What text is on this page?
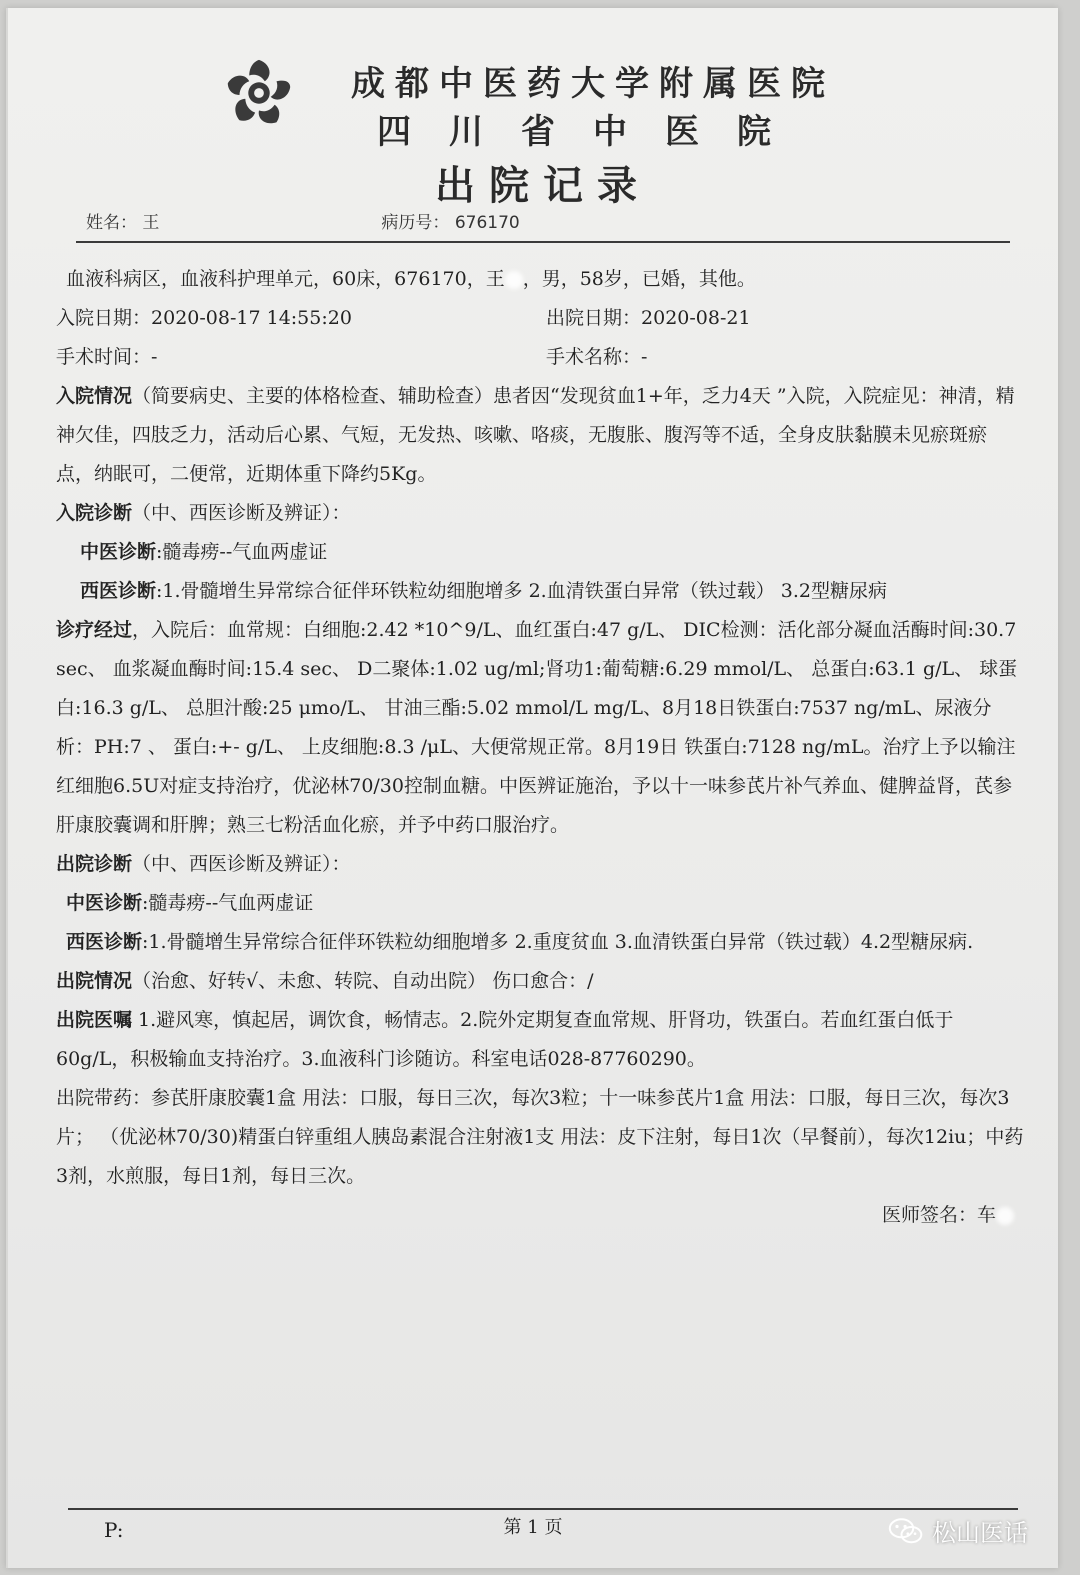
成都中医药大学附属医院
四川省中医院
出院记录
姓名： 王	病历号： 676170
血液科病区，血液科护理单元，60床，676170，王 ，男，58岁，已婚，其他。
入院日期：2020-08-17 14:55:20	出院日期：2020-08-21
手术时间：-	手术名称：-
入院情况（简要病史、主要的体格检查、辅助检查）患者因“发现贫血1+年，乏力4天 ”入院，入院症见：神清，精神欠佳，四肢乏力，活动后心累、气短，无发热、咳嗽、咯痰，无腹胀、腹泻等不适，全身皮肤黏膜未见瘀斑瘀点，纳眠可，二便常，近期体重下降约5Kg。
入院诊断（中、西医诊断及辨证）：
中医诊断:髓毒痨--气血两虚证
西医诊断:1.骨髓增生异常综合征伴环铁粒幼细胞增多 2.血清铁蛋白异常（铁过载） 3.2型糖尿病
诊疗经过，入院后：血常规：白细胞:2.42 *10^9/L、血红蛋白:47 g/L、 DIC检测：活化部分凝血活酶时间:30.7 sec、 血浆凝血酶时间:15.4 sec、 D二聚体:1.02 ug/ml;肾功1:葡萄糖:6.29 mmol/L、 总蛋白:63.1 g/L、 球蛋白:16.3 g/L、 总胆汁酸:25 μmo/L、 甘油三酯:5.02 mmol/L mg/L、8月18日铁蛋白:7537 ng/mL、尿液分析：PH:7 、 蛋白:+- g/L、 上皮细胞:8.3 /μL、大便常规正常。8月19日 铁蛋白:7128 ng/mL。治疗上予以输注红细胞6.5U对症支持治疗，优泌林70/30控制血糖。中医辨证施治，予以十一味参芪片补气养血、健脾益肾，芪参肝康胶囊调和肝脾；熟三七粉活血化瘀，并予中药口服治疗。
出院诊断（中、西医诊断及辨证）：
中医诊断:髓毒痨--气血两虚证
西医诊断:1.骨髓增生异常综合征伴环铁粒幼细胞增多 2.重度贫血 3.血清铁蛋白异常（铁过载）4.2型糖尿病.
出院情况（治愈、好转√、未愈、转院、自动出院） 伤口愈合：/
出院医嘱 1.避风寒，慎起居，调饮食，畅情志。2.院外定期复查血常规、肝肾功，铁蛋白。若血红蛋白低于60g/L，积极输血支持治疗。3.血液科门诊随访。科室电话028-87760290。
出院带药：参芪肝康胶囊1盒 用法：口服，每日三次，每次3粒；十一味参芪片1盒 用法：口服，每日三次，每次3片； （优泌林70/30)精蛋白锌重组人胰岛素混合注射液1支 用法：皮下注射，每日1次（早餐前），每次12iu；中药3剂，水煎服，每日1剂，每日三次。
医师签名：车
P:	第 1 页	松山医话
